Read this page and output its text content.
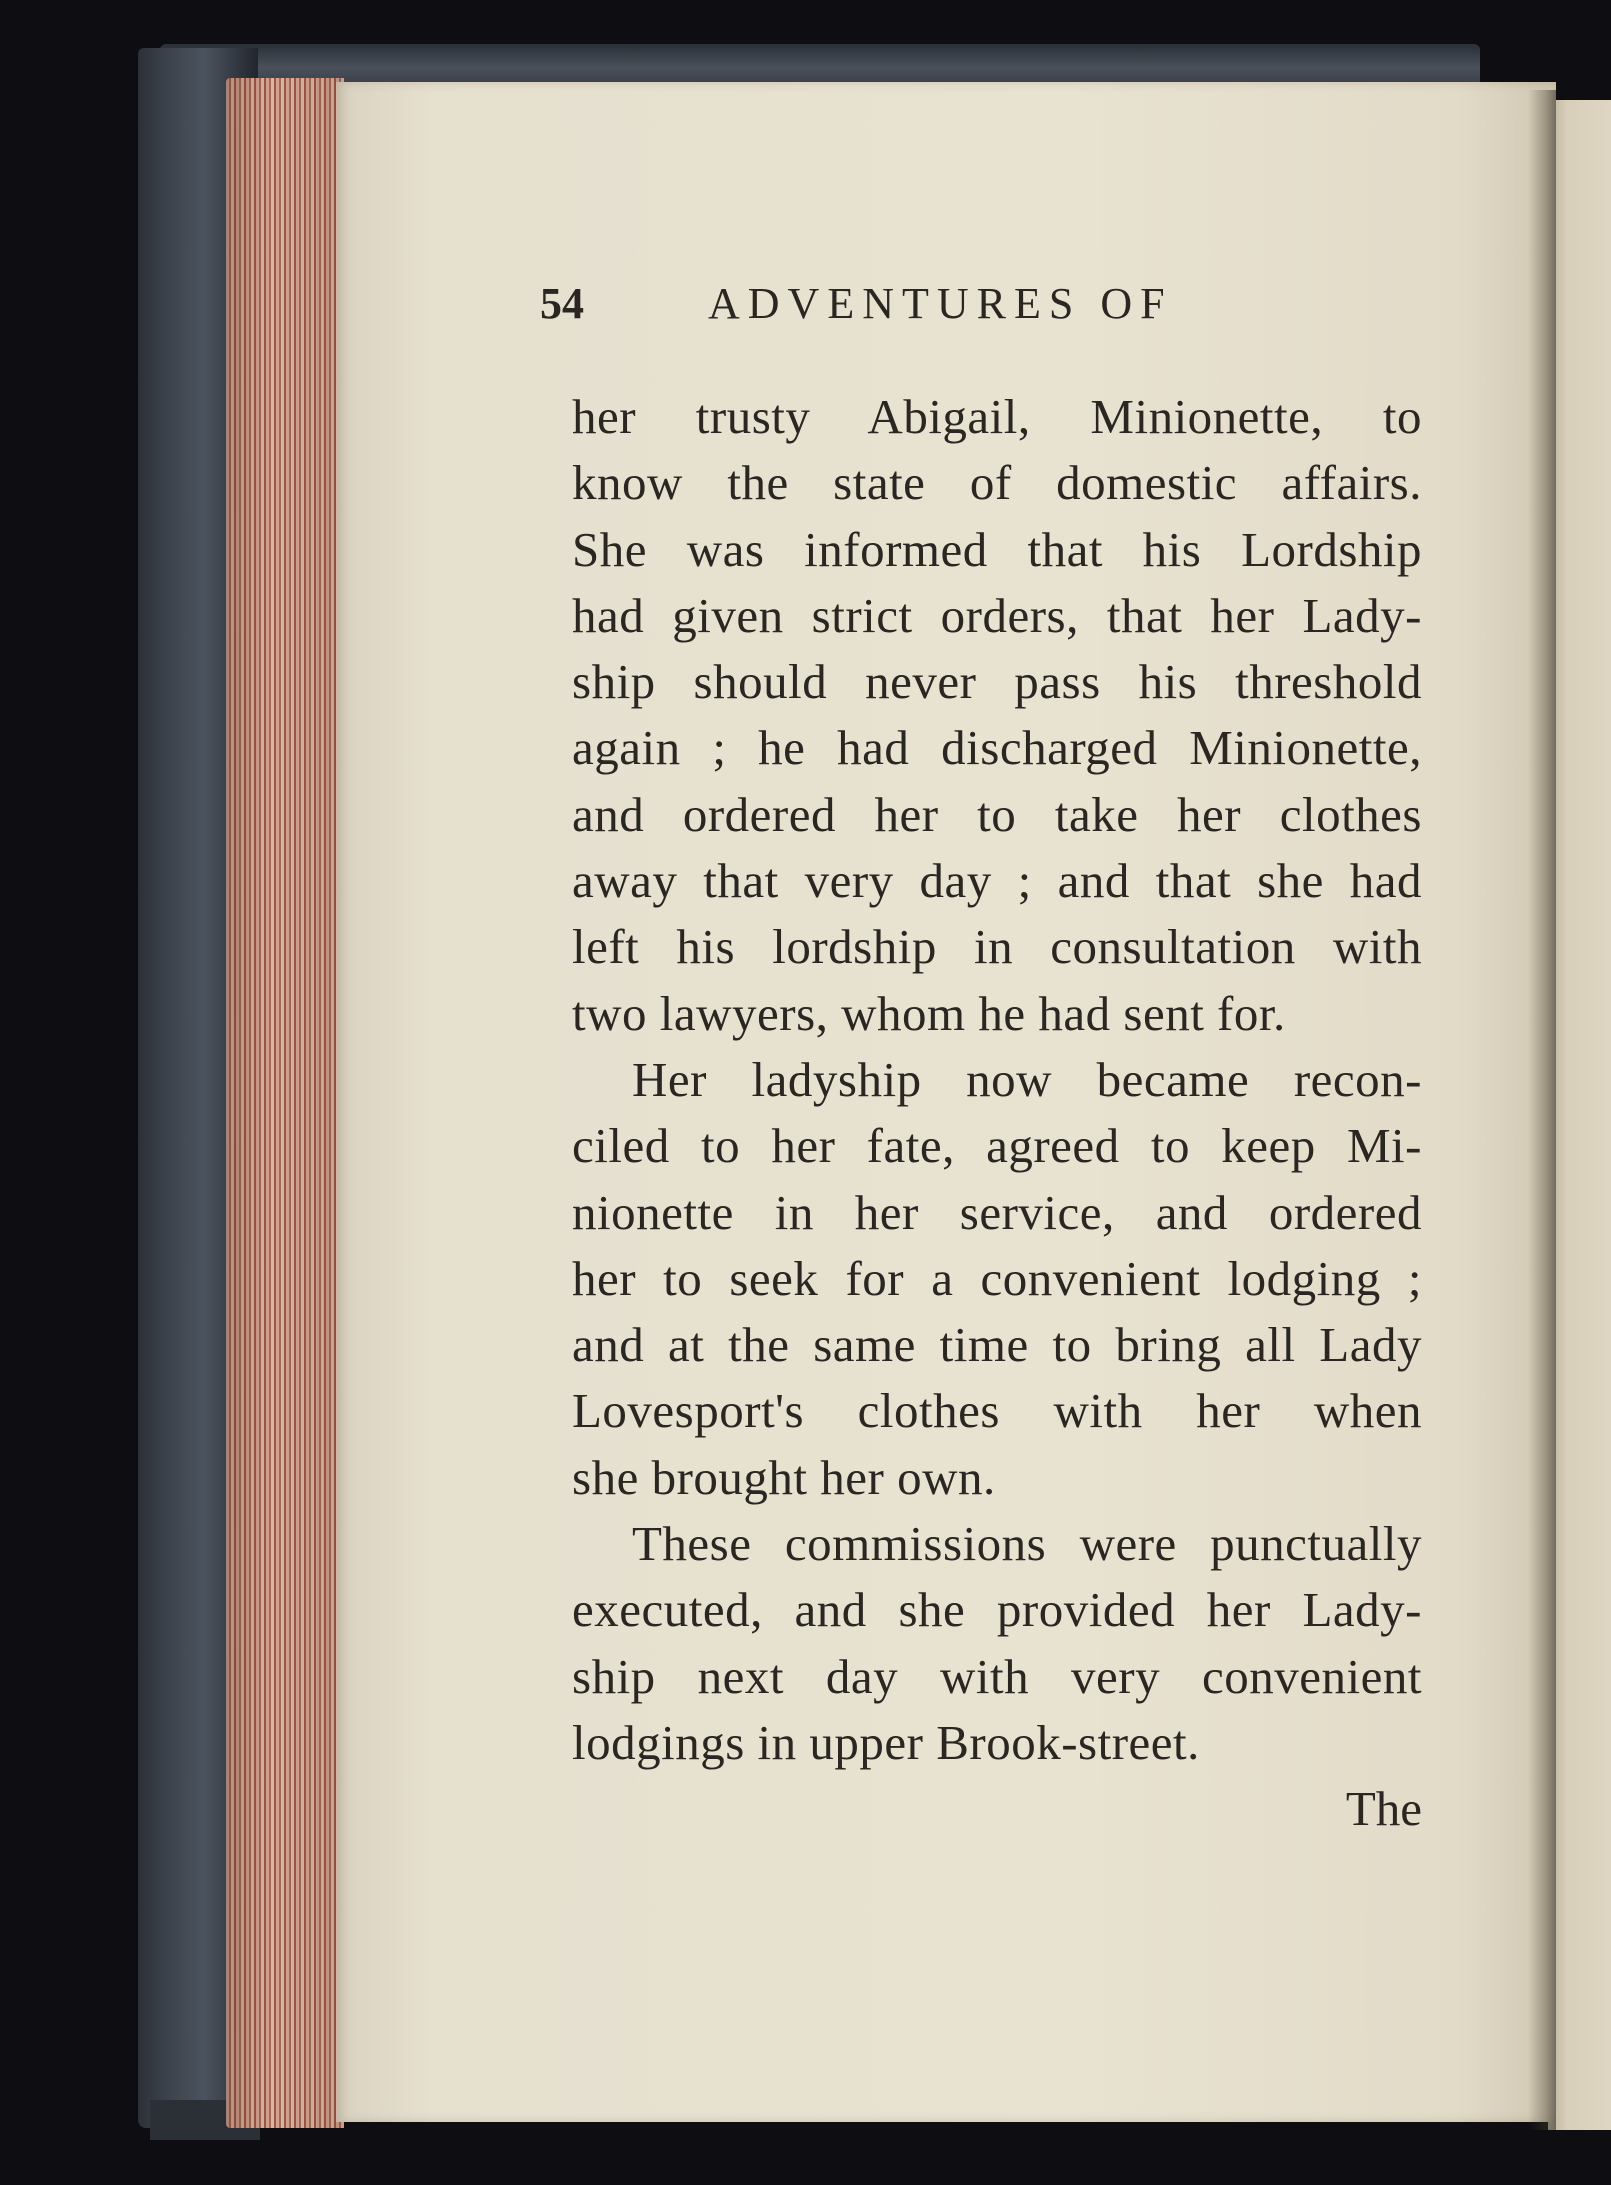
54	ADVENTURES OF
her trusty Abigail, Minionette, to
know the state of domestic affairs.
She was informed that his Lordship
had given strict orders, that her Lady-
ship should never pass his threshold
again ; he had discharged Minionette,
and ordered her to take her clothes
away that very day ; and that she had
left his lordship in consultation with
two lawyers, whom he had sent for.
Her ladyship now became recon-
ciled to her fate, agreed to keep Mi-
nionette in her service, and ordered
her to seek for a convenient lodging ;
and at the same time to bring all Lady
Lovesport's clothes with her when
she brought her own.
These commissions were punctually
executed, and she provided her Lady-
ship next day with very convenient
lodgings in upper Brook-street.
The
